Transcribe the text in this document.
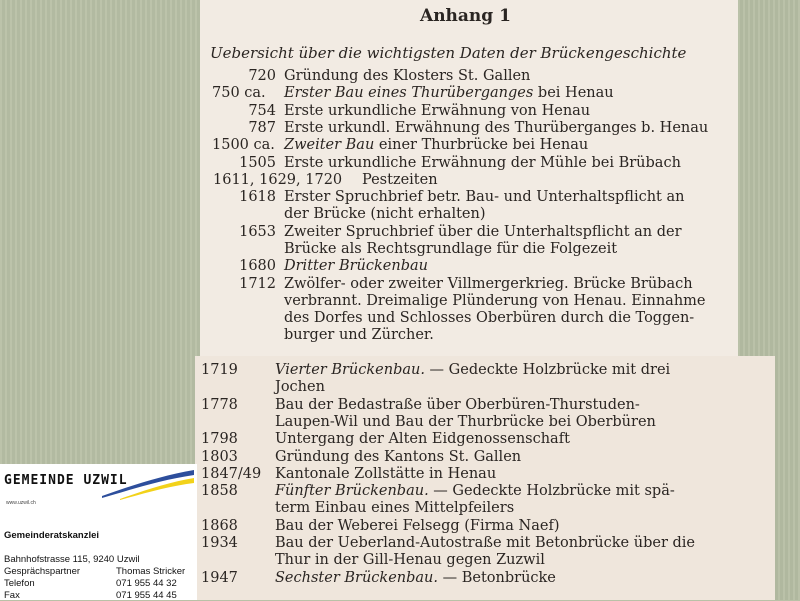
Anhang 1
Uebersicht über die wichtigsten Daten der Brückengeschichte
720 Gründung des Klosters St. Gallen
750 ca. Erster Bau eines Thurüberganges bei Henau
754 Erste urkundliche Erwähnung von Henau
787 Erste urkundl. Erwähnung des Thurüberganges b. Henau
1500 ca. Zweiter Bau einer Thurbrücke bei Henau
1505 Erste urkundliche Erwähnung der Mühle bei Brübach
1611, 1629, 1720 Pestzeiten
1618 Erster Spruchbrief betr. Bau- und Unterhaltspflicht an
der Brücke (nicht erhalten)
1653 Zweiter Spruchbrief über die Unterhaltspflicht an der
Brücke als Rechtsgrundlage für die Folgezeit
1680 Dritter Brückenbau
1712 Zwölfer- oder zweiter Villmergerkrieg. Brücke Brübach
verbrannt. Dreimalige Plünderung von Henau. Einnahme
des Dorfes und Schlosses Oberbüren durch die Toggen-
burger und Zürcher.
1719	Vierter Brückenbau. — Gedeckte Holzbrücke mit drei
Jochen
1778	Bau der Bedastraße über Oberbüren-Thurstuden-
Laupen-Wil und Bau der Thurbrücke bei Oberbüren
1798	Untergang der Alten Eidgenossenschaft
1803	Gründung des Kantons St. Gallen
1847/49 Kantonale Zollstätte in Henau
1858	Fünfter Brückenbau. — Gedeckte Holzbrücke mit spä-
term Einbau eines Mittelpfeilers
1868	Bau der Weberei Felsegg (Firma Naef)
1934	Bau der Ueberland-Autostraße mit Betonbrücke über die
Thur in der Gill-Henau gegen Zuzwil
1947	Sechster Brückenbau. — Betonbrücke
GEMEINDE UZWIL
www.uzwil.ch
Gemeinderatskanzlei
Bahnhofstrasse 115, 9240 Uzwil
Gesprächspartner	Thomas Stricker
Telefon	071 955 44 32
Fax	071 955 44 45
